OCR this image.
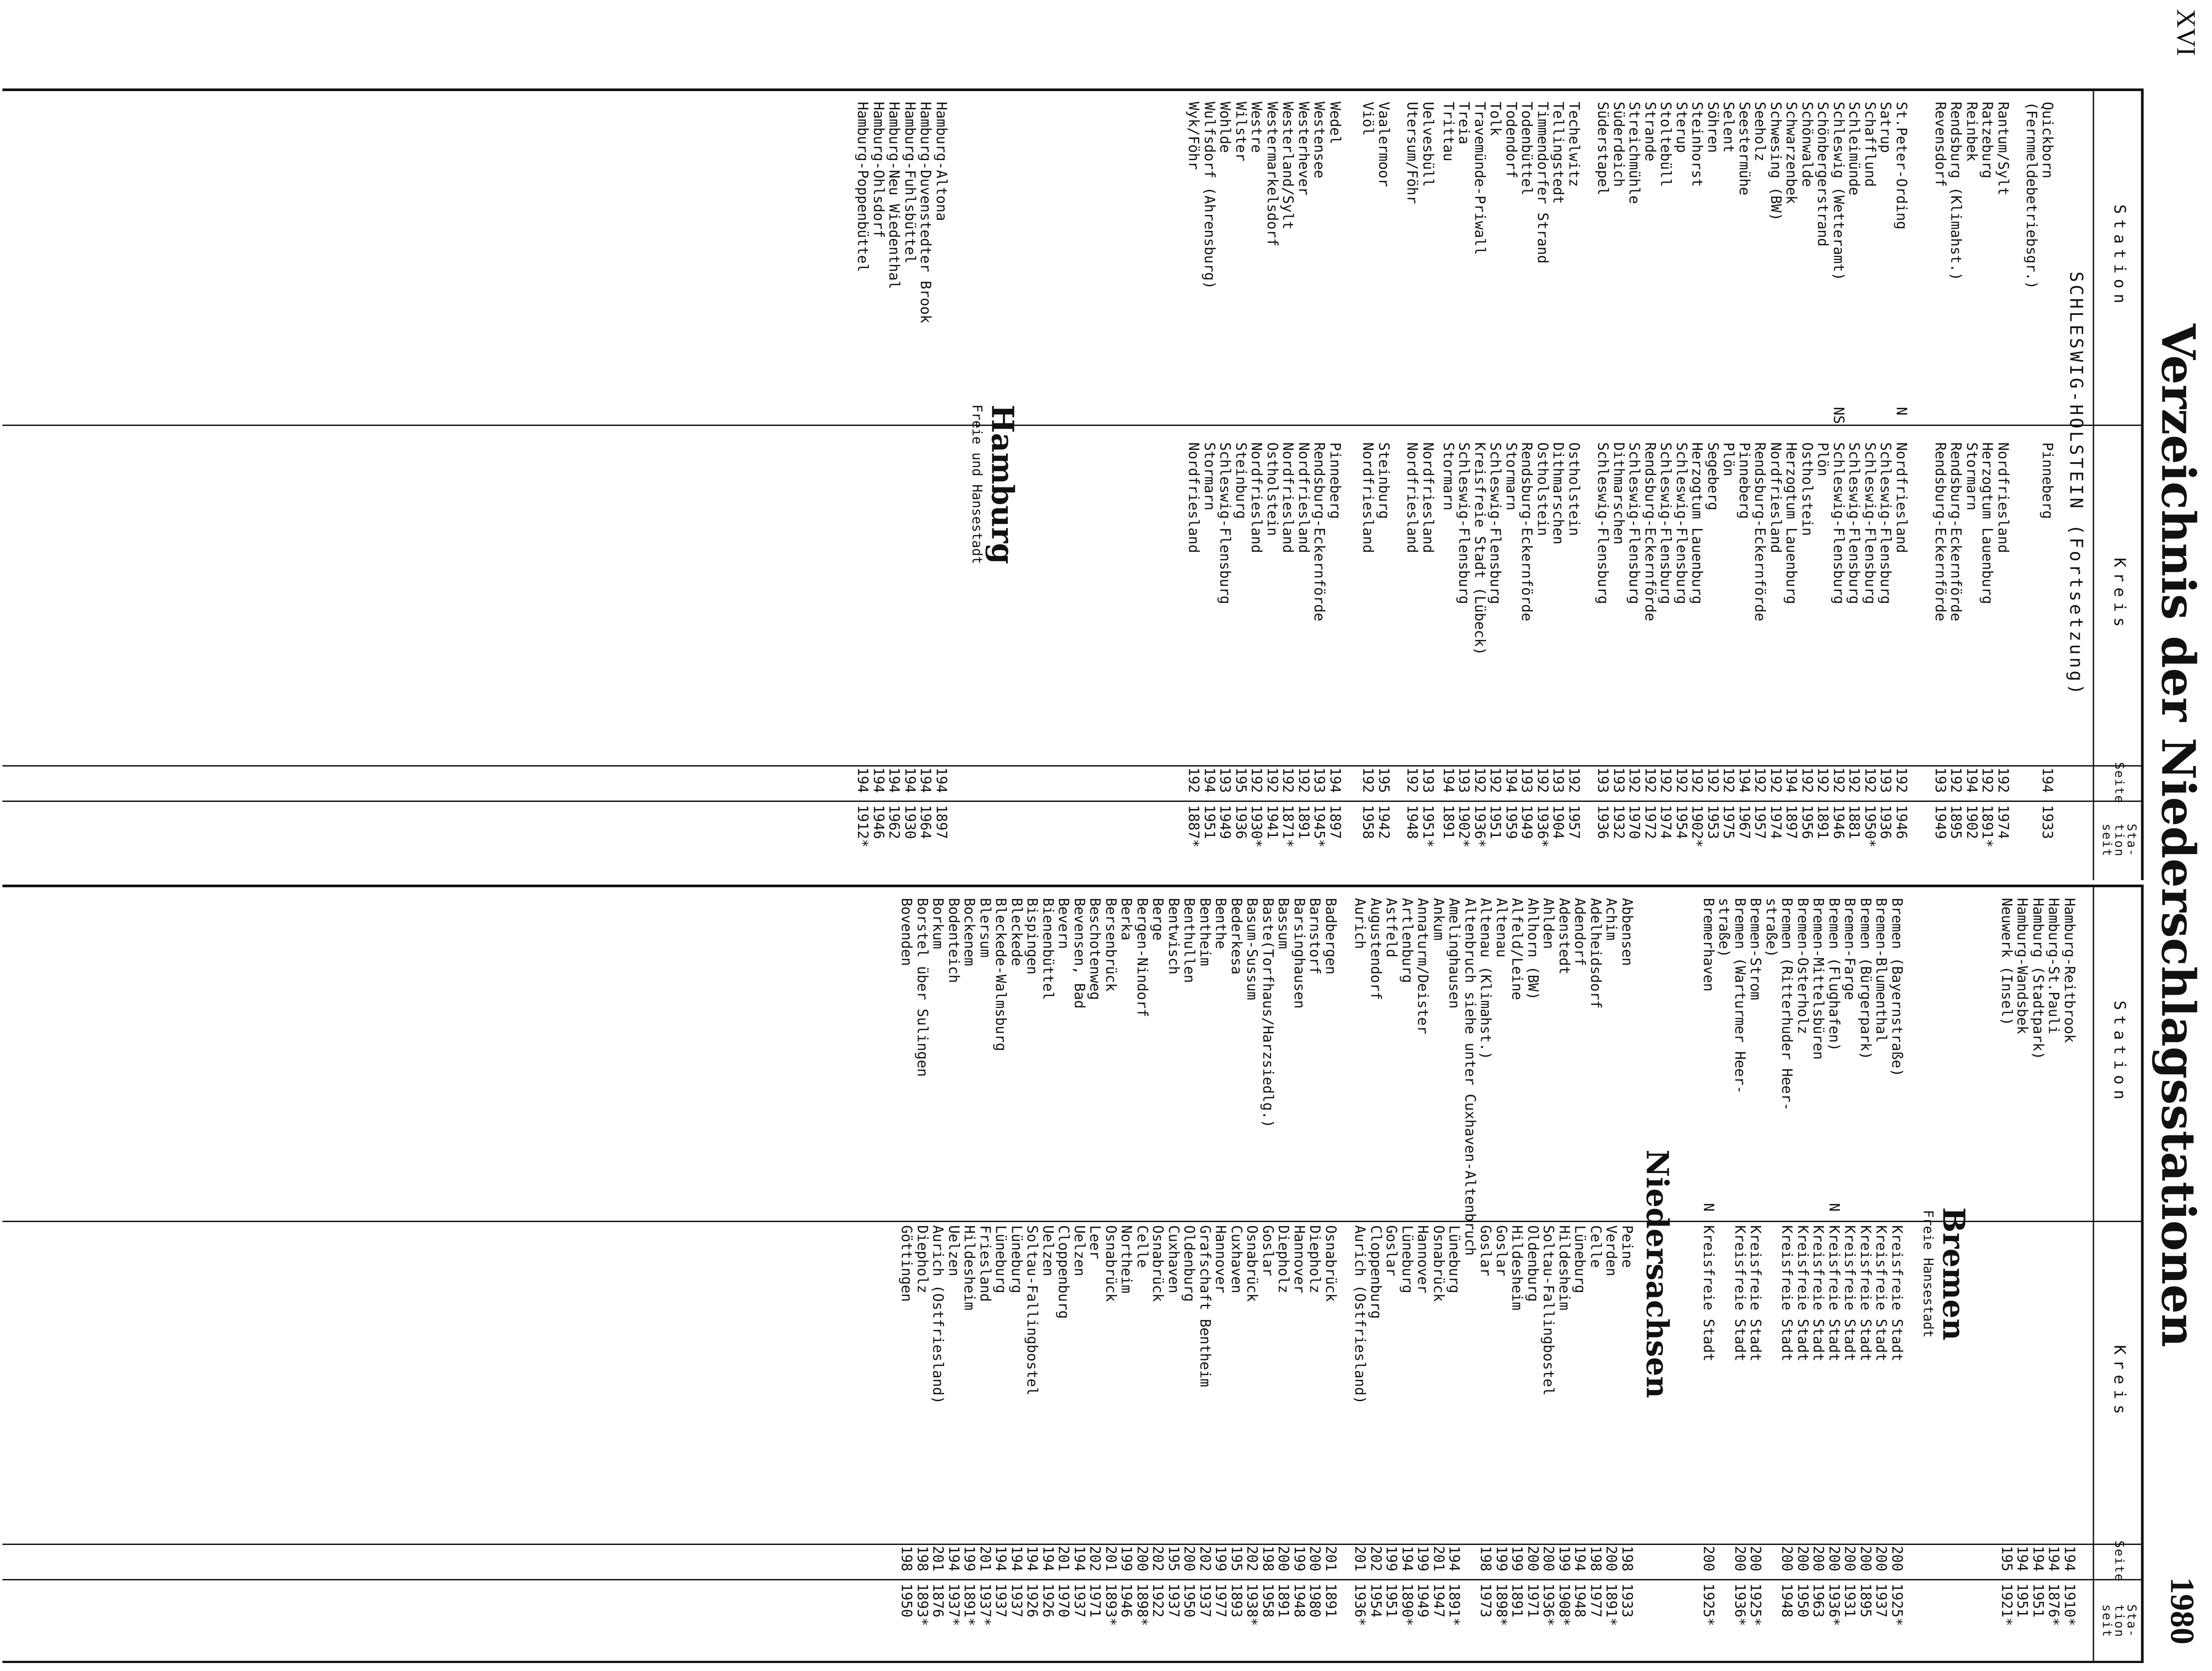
XVI
1980
Verzeichnis der Niederschlagsstationen
Station
Kreis
Seite
Sta-
tion
seit
SCHLESWIG-HOLSTEIN (Fortsetzung)
Quickborn
Pinneberg
194
1933
(Fernmeldebetriebsgr.)
Rantum/Sylt
Nordfriesland
192
1974
Ratzeburg
Herzogtum Lauenburg
192
1891*
Reinbek
Stormarn
194
1902
Rendsburg (Klimahst.)
Rendsburg-Eckernförde
192
1895
Revensdorf
Rendsburg-Eckernförde
193
1949
St.Peter-Ording
N
Nordfriesland
192
1946
Satrup
Schleswig-Flensburg
193
1936
Schafflund
Schleswig-Flensburg
192
1950*
Schleimünde
Schleswig-Flensburg
192
1881
Schleswig (Wetteramt)
NS
Schleswig-Flensburg
192
1946
Schönbergerstrand
Plön
192
1891
Schönwalde
Ostholstein
192
1956
Schwarzenbek
Herzogtum Lauenburg
194
1897
Schwesing (BW)
Nordfriesland
192
1974
Seeholz
Rendsburg-Eckernförde
192
1957
Seestermühe
Pinneberg
194
1967
Selent
Plön
192
1975
Söhren
Segeberg
192
1953
Steinhorst
Herzogtum Lauenburg
192
1902*
Sterup
Schleswig-Flensburg
192
1954
Stoltebüll
Schleswig-Flensburg
192
1974
Strande
Rendsburg-Eckernförde
192
1972
Streichmühle
Schleswig-Flensburg
192
1970
Süderdeich
Dithmarschen
193
1932
Süderstapel
Schleswig-Flensburg
193
1936
Techelwitz
Ostholstein
192
1957
Tellingstedt
Dithmarschen
193
1904
Timmendorfer Strand
Ostholstein
192
1936*
Todenbüttel
Rendsburg-Eckernförde
193
1949
Todendorf
Stormarn
194
1959
Tolk
Schleswig-Flensburg
192
1951
Travemünde-Priwall
Kreisfreie Stadt (Lübeck)
192
1936*
Treia
Schleswig-Flensburg
193
1902*
Trittau
Stormarn
194
1891
Uelvesbüll
Nordfriesland
193
1951*
Utersum/Föhr
Nordfriesland
192
1948
Vaalermoor
Steinburg
195
1942
Viöl
Nordfriesland
192
1958
Wedel
Pinneberg
194
1897
Westensee
Rendsburg-Eckernförde
193
1945*
Westerhever
Nordfriesland
192
1891
Westerland/Sylt
Nordfriesland
192
1871*
Westermarkelsdorf
Ostholstein
192
1941
Westre
Nordfriesland
192
1930*
Wilster
Steinburg
195
1936
Wohlde
Schleswig-Flensburg
193
1949
Wulfsdorf (Ahrensburg)
Stormarn
194
1951
Wyk/Föhr
Nordfriesland
192
1887*
Hamburg
Freie und Hansestadt
Hamburg-Altona
194
1897
Hamburg-Duvenstedter Brook
194
1964
Hamburg-Fuhlsbüttel
194
1930
Hamburg-Neu Wiedenthal
194
1962
Hamburg-Ohlsdorf
194
1946
Hamburg-Poppenbüttel
194
1912*
Station
Kreis
Seite
Sta-
tion
seit
Hamburg-Reitbrook
194
1910*
Hamburg-St.Pauli
194
1876*
Hamburg (Stadtpark)
194
1951
Hamburg-Wandsbek
194
1951
Neuwerk (Insel)
195
1921*
Bremen
Freie Hansestadt
Bremen (Bayernstraße)
Kreisfreie Stadt
200
1925*
Bremen-Blumenthal
Kreisfreie Stadt
200
1937
Bremen (Bürgerpark)
Kreisfreie Stadt
200
1895
Bremen-Farge
Kreisfreie Stadt
200
1931
Bremen (Flughafen)
N
Kreisfreie Stadt
200
1936*
Bremen-Mittelsbüren
Kreisfreie Stadt
200
1963
Bremen-Osterholz
Kreisfreie Stadt
200
1950
Bremen (Ritterhuder Heer-
Kreisfreie Stadt
200
1948
straße)
Bremen-Strom
Kreisfreie Stadt
200
1925*
Bremen (Warturmer Heer-
Kreisfreie Stadt
200
1936*
straße)
Bremerhaven
N
Kreisfreie Stadt
200
1925*
Niedersachsen
Abbensen
Peine
198
1933
Achim
Verden
200
1891*
Adelheidsdorf
Celle
198
1977
Adendorf
Lüneburg
194
1948
Adenstedt
Hildesheim
199
1908*
Ahlden
Soltau-Fallingbostel
200
1936*
Ahlhorn (BW)
Oldenburg
200
1971
Alfeld/Leine
Hildesheim
199
1891
Altenau
Goslar
199
1898*
Altenau (Klimahst.)
Goslar
198
1973
Altenbruch siehe unter Cuxhaven-Altenbruch
Amelinghausen
Lüneburg
194
1891*
Ankum
Osnabrück
201
1947
Annaturm/Deister
Hannover
199
1949
Artlenburg
Lüneburg
194
1890*
Astfeld
Goslar
199
1951
Augustendorf
Cloppenburg
202
1954
Aurich
Aurich (Ostfriesland)
201
1936*
Badbergen
Osnabrück
201
1891
Barnstorf
Diepholz
200
1980
Barsinghausen
Hannover
199
1948
Bassum
Diepholz
200
1891
Baste(Torfhaus/Harzsiedlg.)
Goslar
198
1958
Basum-Sussum
Osnabrück
202
1938*
Bederkesa
Cuxhaven
195
1893
Benthe
Hannover
199
1977
Bentheim
Grafschaft Bentheim
202
1937
Benthullen
Oldenburg
200
1950
Bentwisch
Cuxhaven
195
1937
Berge
Osnabrück
202
1922
Bergen-Nindorf
Celle
200
1898*
Berka
Northeim
199
1946
Bersenbrück
Osnabrück
201
1893*
Beschotenweg
Leer
202
1971
Bevensen, Bad
Uelzen
194
1937
Bevern
Cloppenburg
201
1970
Bienenbüttel
Uelzen
194
1926
Bispingen
Soltau-Fallingbostel
194
1926
Bleckede
Lüneburg
194
1937
Bleckede-Walmsburg
Lüneburg
194
1937
Blersum
Friesland
201
1937*
Bockenem
Hildesheim
199
1891*
Bodenteich
Uelzen
194
1937*
Borkum
Aurich (Ostfriesland)
201
1876
Borstel über Sulingen
Diepholz
198
1893*
Bovenden
Göttingen
198
1950
